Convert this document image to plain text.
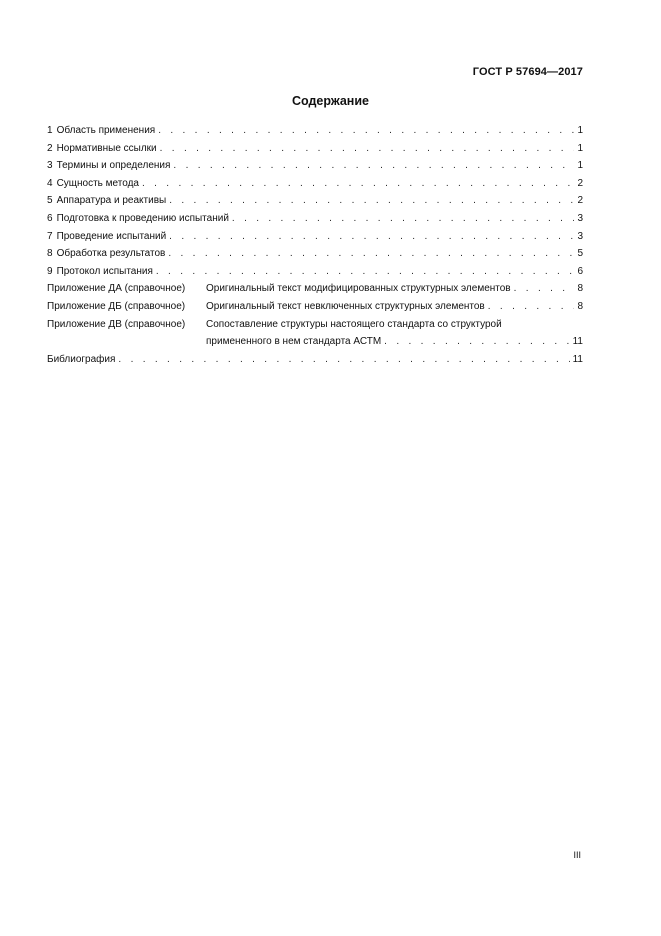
ГОСТ Р 57694—2017
Содержание
1 Область применения . . .	1
2 Нормативные ссылки . . .	1
3 Термины и определения . . .	1
4 Сущность метода . . .	2
5 Аппаратура и реактивы . . .	2
6 Подготовка к проведению испытаний . . .	3
7 Проведение испытаний . . .	3
8 Обработка результатов . . .	5
9 Протокол испытания . . .	6
Приложение ДА (справочное)	Оригинальный текст модифицированных структурных элементов . . .	8
Приложение ДБ (справочное)	Оригинальный текст невключенных структурных элементов . . .	8
Приложение ДВ (справочное)	Сопоставление структуры настоящего стандарта со структурой
примененного в нем стандарта АСТМ . . .	11
Библиография . . .	11
III
